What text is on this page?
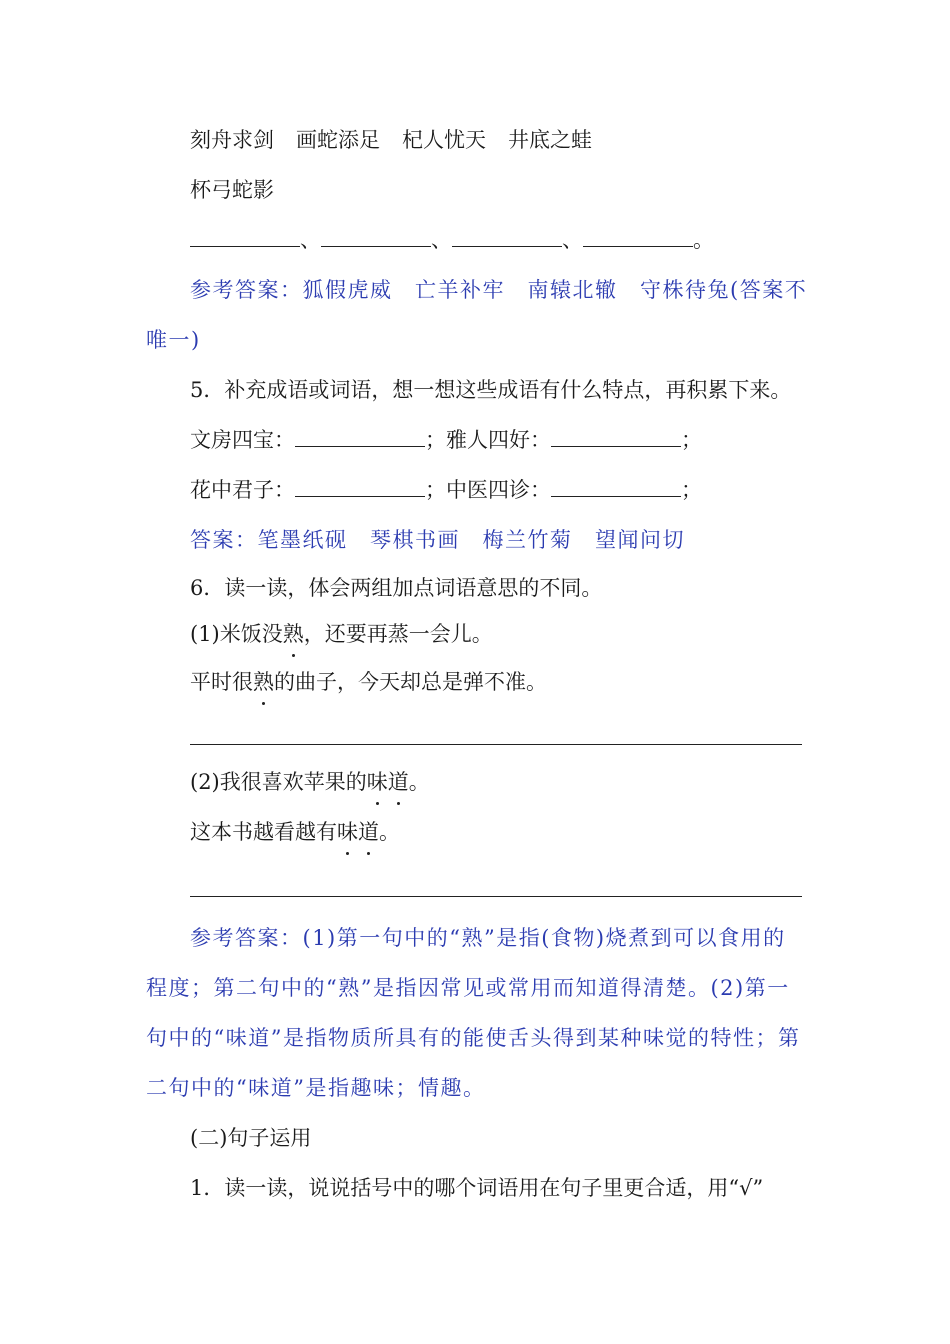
刻舟求剑 画蛇添足 杞人忧天 井底之蛙
杯弓蛇影
、	、	、	。
参考答案：狐假虎威　亡羊补牢　南辕北辙　守株待兔(答案不
唯一)
5．补充成语或词语，想一想这些成语有什么特点，再积累下来。
文房四宝：	；雅人四好：	；
花中君子：	；中医四诊：	；
答案：笔墨纸砚　琴棋书画　梅兰竹菊　望闻问切
6．读一读，体会两组加点词语意思的不同。
(1)米饭没熟，还要再蒸一会儿。
平时很熟的曲子，今天却总是弹不准。
(2)我很喜欢苹果的味道。
这本书越看越有味道。
参考答案：(1)第一句中的“熟”是指(食物)烧煮到可以食用的
程度；第二句中的“熟”是指因常见或常用而知道得清楚。(2)第一
句中的“味道”是指物质所具有的能使舌头得到某种味觉的特性；第
二句中的“味道”是指趣味；情趣。
(二)句子运用
1．读一读，说说括号中的哪个词语用在句子里更合适，用“√”
